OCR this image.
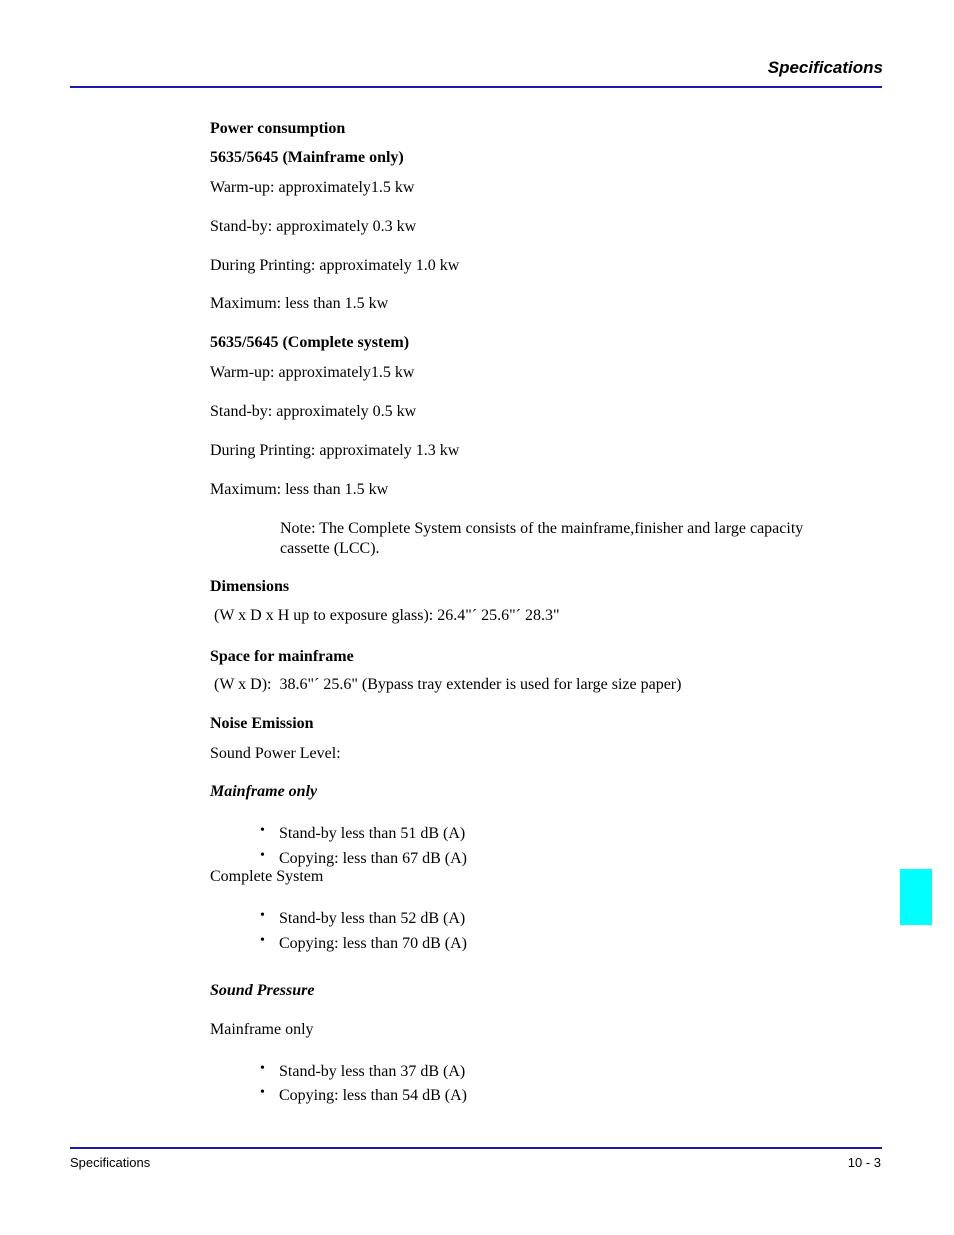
Specifications
Power consumption
5635/5645 (Mainframe only)
Warm-up: approximately1.5 kw
Stand-by: approximately 0.3 kw
During Printing: approximately 1.0 kw
Maximum: less than 1.5 kw
5635/5645 (Complete system)
Warm-up: approximately1.5 kw
Stand-by: approximately 0.5 kw
During Printing: approximately 1.3 kw
Maximum: less than 1.5 kw
Note: The Complete System consists of the mainframe,finisher and large capacity cassette (LCC).
Dimensions
(W x D x H up to exposure glass): 26.4"´ 25.6"´ 28.3"
Space for mainframe
(W x D):  38.6"´ 25.6" (Bypass tray extender is used for large size paper)
Noise Emission
Sound Power Level:
Mainframe only
• Stand-by less than 51 dB (A)
• Copying: less than 67 dB (A)
Complete System
• Stand-by less than 52 dB (A)
• Copying: less than 70 dB (A)
Sound Pressure
Mainframe only
• Stand-by less than 37 dB (A)
• Copying: less than 54 dB (A)
Specifications	10 - 3
